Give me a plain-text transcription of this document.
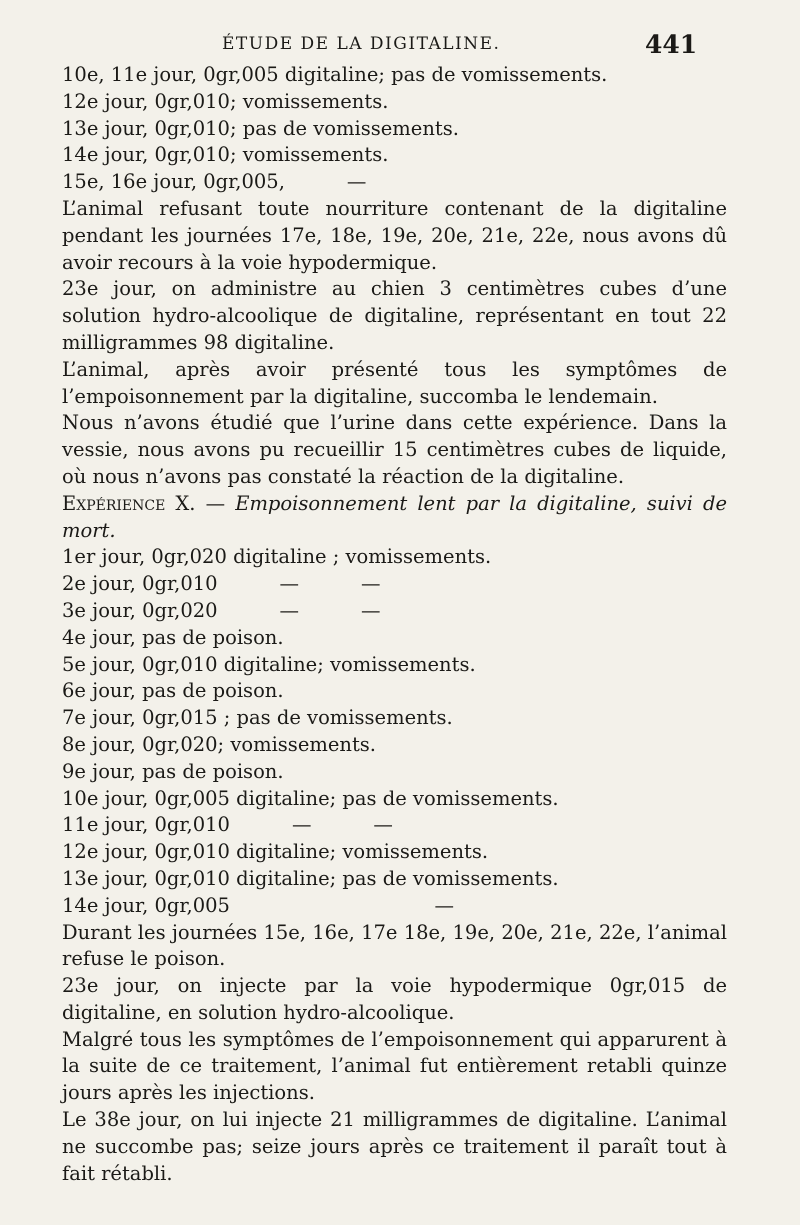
ÉTUDE DE LA DIGITALINE.	441

10e, 11e jour, 0gr,005 digitaline; pas de vomissements.

12e jour, 0gr,010; vomissements.

13e jour, 0gr,010; pas de vomissements.

14e jour, 0gr,010; vomissements.

15e, 16e jour, 0gr,005,          —

L’animal refusant toute nourriture contenant de la digitaline pendant les journées 17e, 18e, 19e, 20e, 21e, 22e, nous avons dû avoir recours à la voie hypodermique.

23e jour, on administre au chien 3 centimètres cubes d’une solution hydro-alcoolique de digitaline, représentant en tout 22 milligrammes 98 digitaline.

L’animal, après avoir présenté tous les symptômes de l’empoisonnement par la digitaline, succomba le lendemain.

Nous n’avons étudié que l’urine dans cette expérience. Dans la vessie, nous avons pu recueillir 15 centimètres cubes de liquide, où nous n’avons pas constaté la réaction de la digitaline.

Expérience X. — Empoisonnement lent par la digitaline, suivi de mort.

1er jour, 0gr,020 digitaline ; vomissements.

2e jour, 0gr,010          —          —

3e jour, 0gr,020          —          —

4e jour, pas de poison.

5e jour, 0gr,010 digitaline; vomissements.

6e jour, pas de poison.

7e jour, 0gr,015 ; pas de vomissements.

8e jour, 0gr,020; vomissements.

9e jour, pas de poison.

10e jour, 0gr,005 digitaline; pas de vomissements.

11e jour, 0gr,010          —          —

12e jour, 0gr,010 digitaline; vomissements.

13e jour, 0gr,010 digitaline; pas de vomissements.

14e jour, 0gr,005                                 —

Durant les journées 15e, 16e, 17e 18e, 19e, 20e, 21e, 22e, l’animal refuse le poison.

23e jour, on injecte par la voie hypodermique 0gr,015 de digitaline, en solution hydro-alcoolique.

Malgré tous les symptômes de l’empoisonnement qui apparurent à la suite de ce traitement, l’animal fut entièrement retabli quinze jours après les injections.

Le 38e jour, on lui injecte 21 milligrammes de digitaline. L’animal ne succombe pas; seize jours après ce traitement il paraît tout à fait rétabli.
